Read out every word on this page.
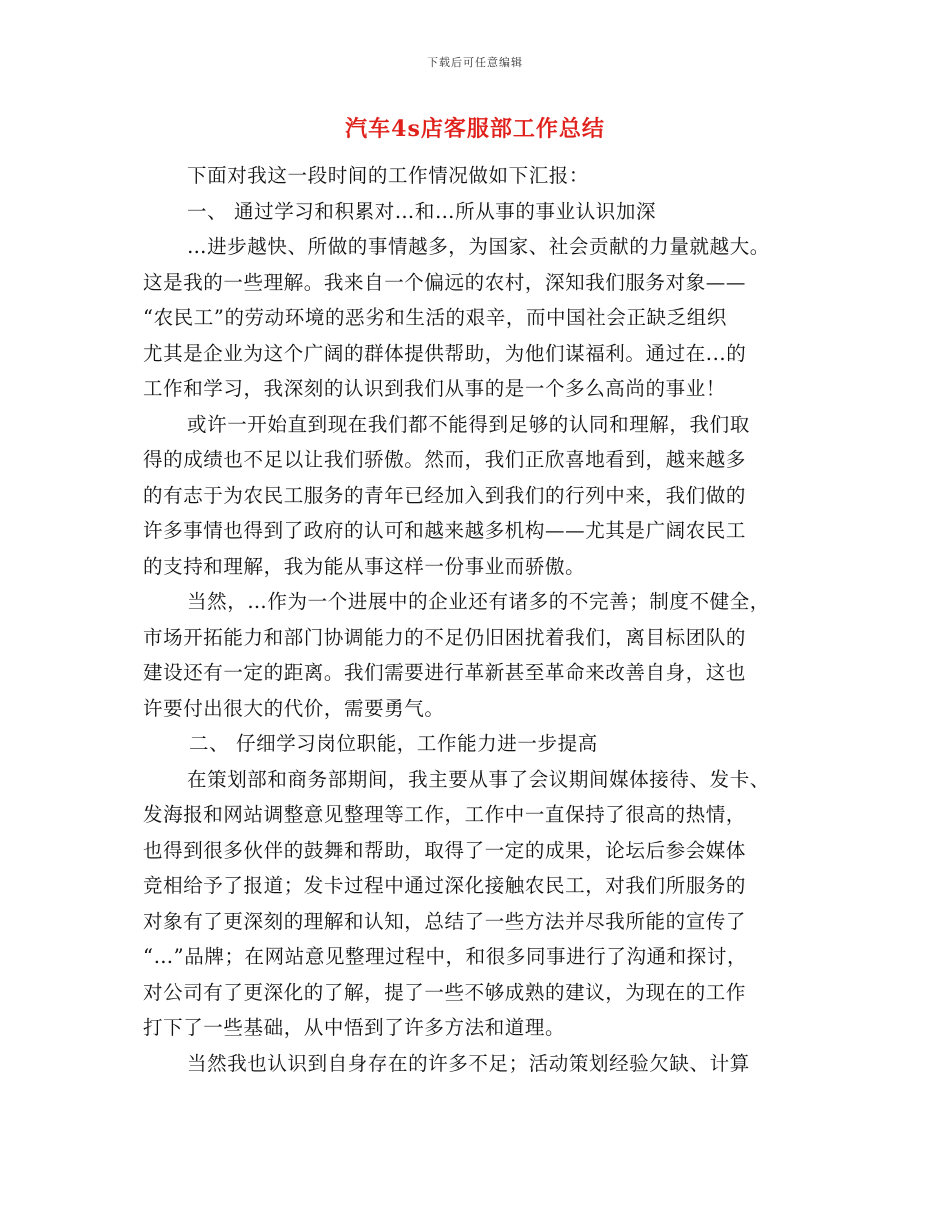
下载后可任意编辑
汽车4s店客服部工作总结
下面对我这一段时间的工作情况做如下汇报：
一、 通过学习和积累对…和…所从事的事业认识加深
…进步越快、所做的事情越多，为国家、社会贡献的力量就越大。
这是我的一些理解。我来自一个偏远的农村，深知我们服务对象——
“农民工”的劳动环境的恶劣和生活的艰辛，而中国社会正缺乏组织
尤其是企业为这个广阔的群体提供帮助，为他们谋福利。通过在...的
工作和学习，我深刻的认识到我们从事的是一个多么高尚的事业！
或许一开始直到现在我们都不能得到足够的认同和理解，我们取
得的成绩也不足以让我们骄傲。然而，我们正欣喜地看到，越来越多
的有志于为农民工服务的青年已经加入到我们的行列中来，我们做的
许多事情也得到了政府的认可和越来越多机构——尤其是广阔农民工
的支持和理解，我为能从事这样一份事业而骄傲。
当然，…作为一个进展中的企业还有诸多的不完善；制度不健全，
市场开拓能力和部门协调能力的不足仍旧困扰着我们，离目标团队的
建设还有一定的距离。我们需要进行革新甚至革命来改善自身，这也
许要付出很大的代价，需要勇气。
二、 仔细学习岗位职能，工作能力进一步提高
在策划部和商务部期间，我主要从事了会议期间媒体接待、发卡、
发海报和网站调整意见整理等工作，工作中一直保持了很高的热情，
也得到很多伙伴的鼓舞和帮助，取得了一定的成果，论坛后参会媒体
竞相给予了报道；发卡过程中通过深化接触农民工，对我们所服务的
对象有了更深刻的理解和认知，总结了一些方法并尽我所能的宣传了
“…”品牌；在网站意见整理过程中，和很多同事进行了沟通和探讨，
对公司有了更深化的了解，提了一些不够成熟的建议，为现在的工作
打下了一些基础，从中悟到了许多方法和道理。
当然我也认识到自身存在的许多不足；活动策划经验欠缺、计算
